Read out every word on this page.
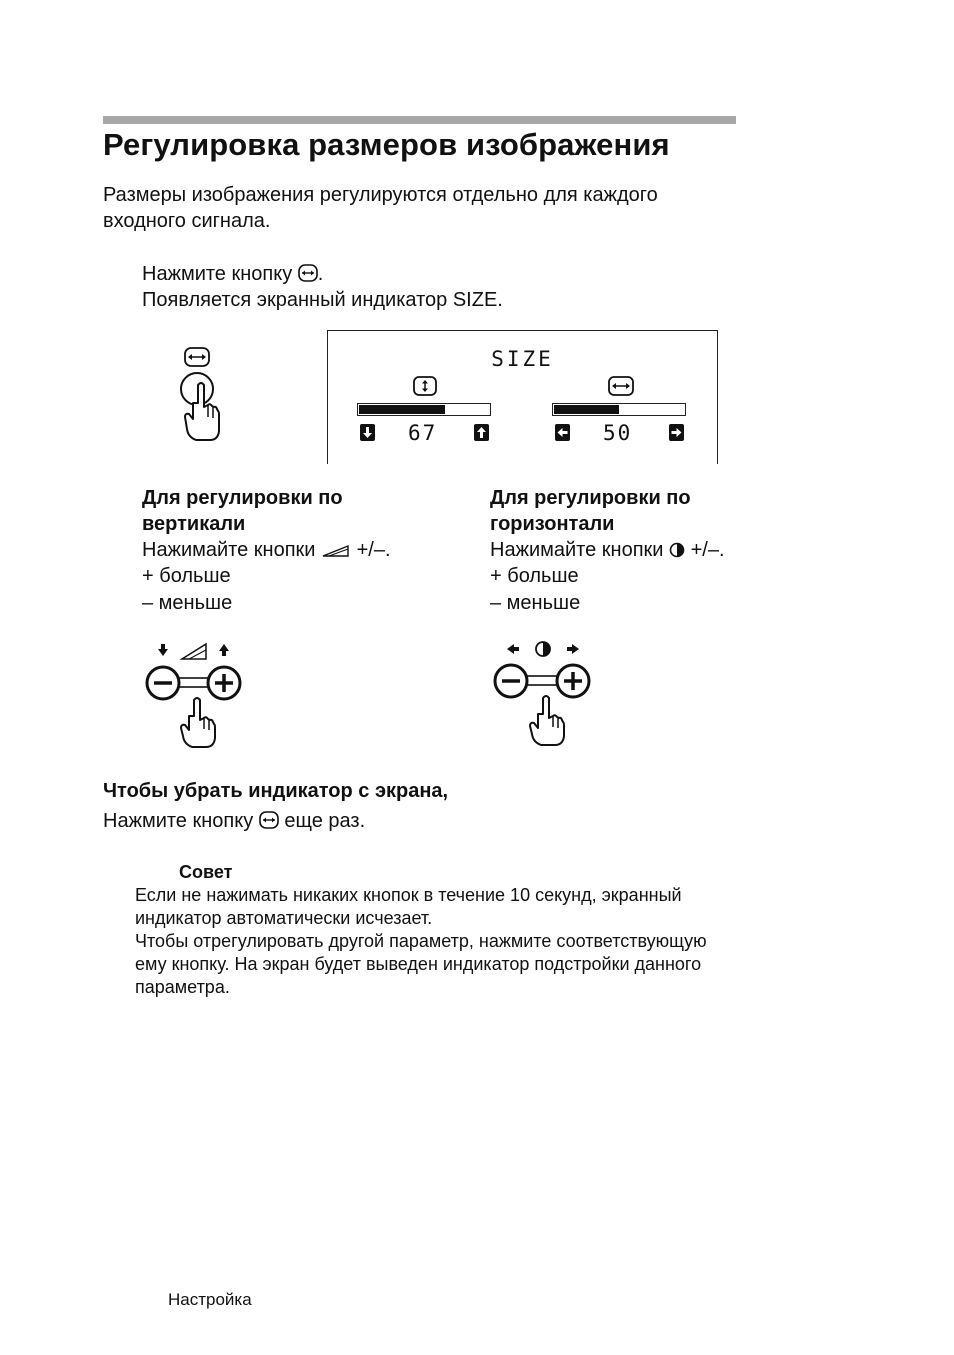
Регулировка размеров изображения
Размеры изображения регулируются отдельно для каждого
входного сигнала.
Нажмите кнопку .
Появляется экранный индикатор SIZE.
SIZE
67	50
Для регулировки по
вертикали
Нажимайте кнопки +/–.
+ больше
– меньше
Для регулировки по
горизонтали
Нажимайте кнопки +/–.
+ больше
– меньше
Чтобы убрать индикатор с экрана,
Нажмите кнопку еще раз.
Совет
Если не нажимать никаких кнопок в течение 10 секунд, экранный
индикатор автоматически исчезает.
Чтобы отрегулировать другой параметр, нажмите соответствующую
ему кнопку. На экран будет выведен индикатор подстройки данного
параметра.
Настройка
